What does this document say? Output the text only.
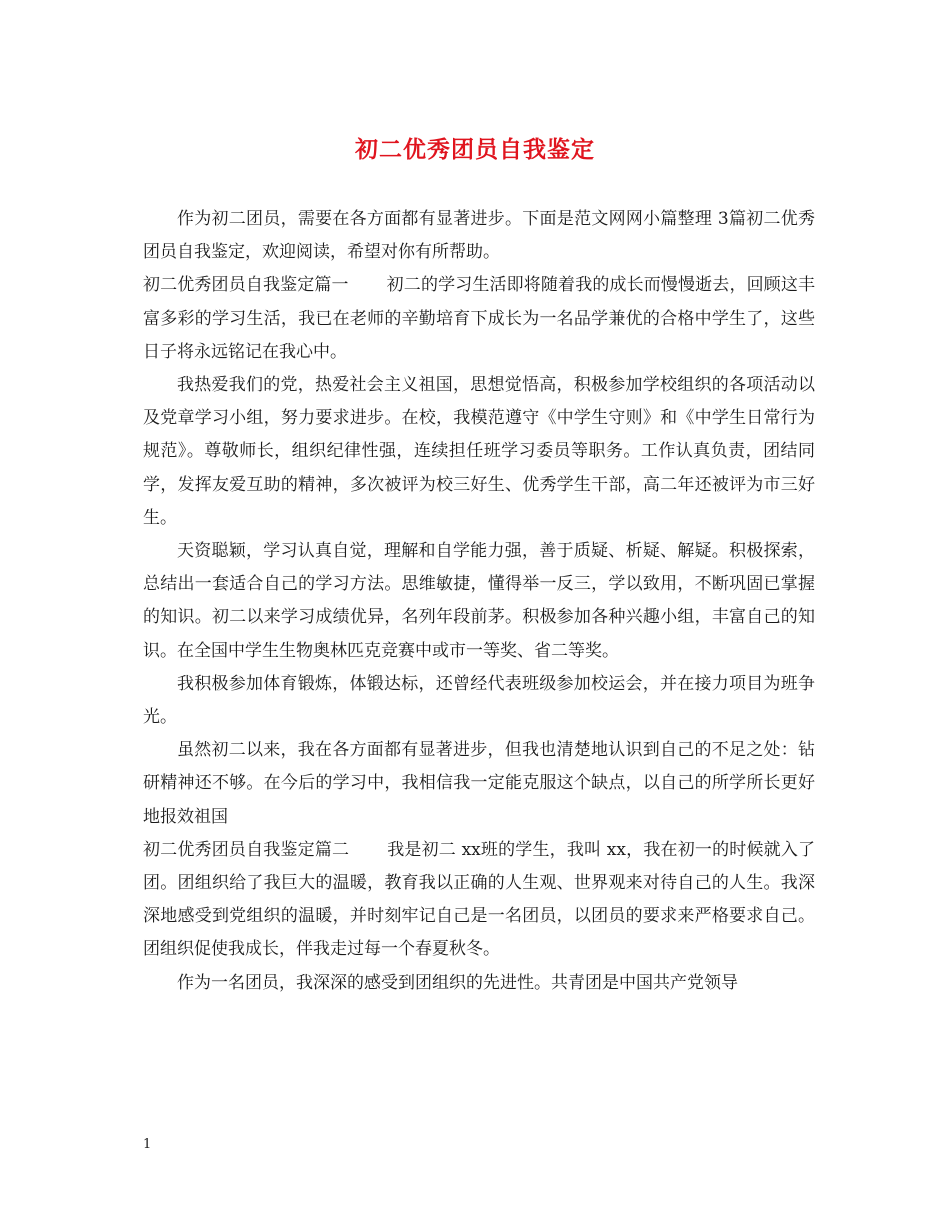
初二优秀团员自我鉴定

作为初二团员，需要在各方面都有显著进步。下面是范文网网小篇整理 3篇初二优秀团员自我鉴定，欢迎阅读，希望对你有所帮助。

初二优秀团员自我鉴定篇一 初二的学习生活即将随着我的成长而慢慢逝去，回顾这丰富多彩的学习生活，我已在老师的辛勤培育下成长为一名品学兼优的合格中学生了，这些日子将永远铭记在我心中。

我热爱我们的党，热爱社会主义祖国，思想觉悟高，积极参加学校组织的各项活动以及党章学习小组，努力要求进步。在校，我模范遵守《中学生守则》和《中学生日常行为规范》。尊敬师长，组织纪律性强，连续担任班学习委员等职务。工作认真负责，团结同学，发挥友爱互助的精神，多次被评为校三好生、优秀学生干部，高二年还被评为市三好生。

天资聪颖，学习认真自觉，理解和自学能力强，善于质疑、析疑、解疑。积极探索，总结出一套适合自己的学习方法。思维敏捷，懂得举一反三，学以致用，不断巩固已掌握的知识。初二以来学习成绩优异，名列年段前茅。积极参加各种兴趣小组，丰富自己的知识。在全国中学生生物奥林匹克竞赛中或市一等奖、省二等奖。

我积极参加体育锻炼，体锻达标，还曾经代表班级参加校运会，并在接力项目为班争光。

虽然初二以来，我在各方面都有显著进步，但我也清楚地认识到自己的不足之处：钻研精神还不够。在今后的学习中，我相信我一定能克服这个缺点，以自己的所学所长更好地报效祖国

初二优秀团员自我鉴定篇二 我是初二 xx班的学生，我叫 xx，我在初一的时候就入了团。团组织给了我巨大的温暖，教育我以正确的人生观、世界观来对待自己的人生。我深深地感受到党组织的温暖，并时刻牢记自己是一名团员，以团员的要求来严格要求自己。团组织促使我成长，伴我走过每一个春夏秋冬。

作为一名团员，我深深的感受到团组织的先进性。共青团是中国共产党领导

1
